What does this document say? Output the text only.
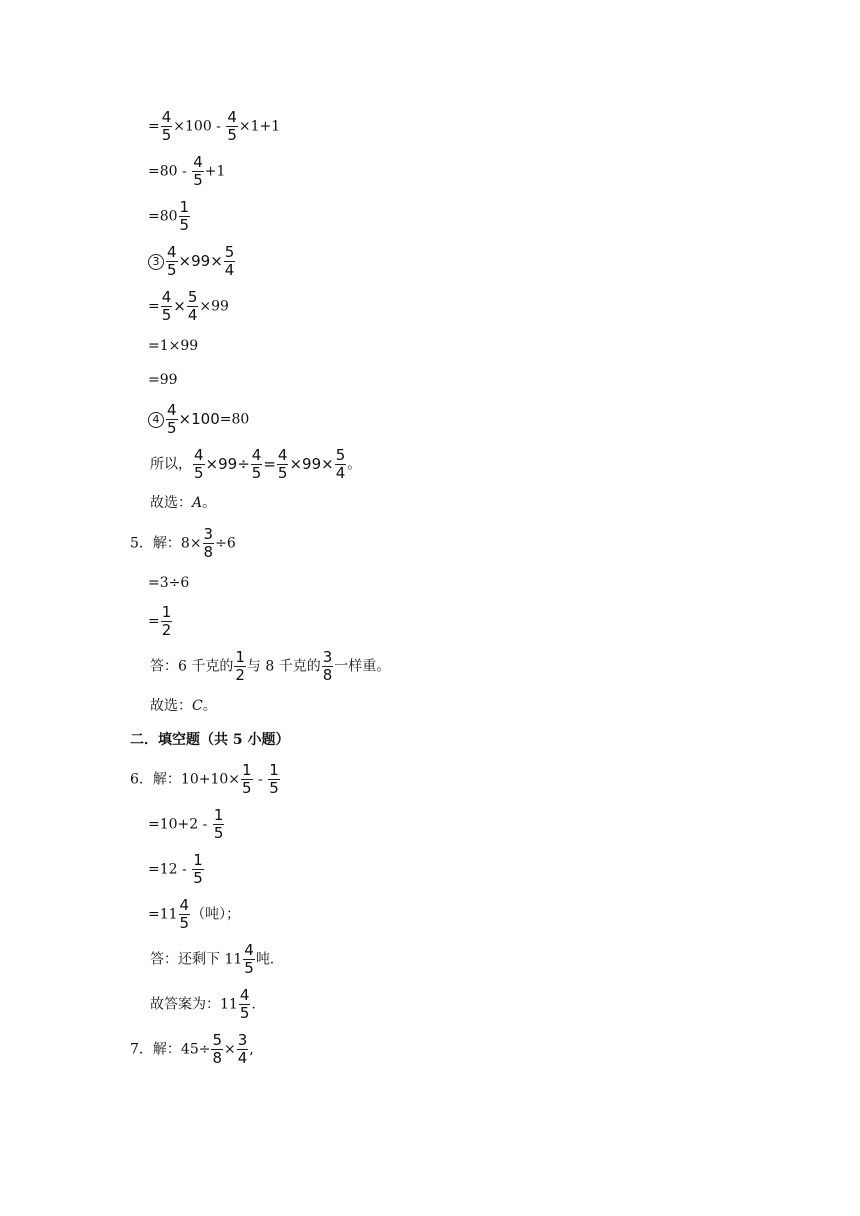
= $\frac{4}{5} \times 100 - \frac{4}{5} \times 1+1$
$=80 - \frac{4}{5} +1$
$=80 \frac{1}{5}$
$3 \frac{4}{5} \times 99\times \frac{5}{4}$
= $\frac{4}{5} \times \frac{5}{4} \times 99$
=1×99
=99
$4 \frac{4}{5} \times 100=80$
所以， $\frac{4}{5} \times 99\div \frac{4}{5} = \frac{4}{5} \times 99\times \frac{5}{4}$ 。
故选：A。
5．解：$8\times \frac{3}{8} \div 6$
=3÷6
= $\frac{1}{2}$
答：6 千克的 $\frac{1}{2}$ 与 8 千克的 $\frac{3}{8}$ 一样重。
故选：C。
二．填空题（共 5 小题）
6．解：$10+10\times \frac{1}{5} - \frac{1}{5}$
$=10+2 - \frac{1}{5}$
$=12 - \frac{1}{5}$
$=11 \frac{4}{5}$ （吨）；
答：还剩下 $11 \frac{4}{5}$ 吨.
故答案为：$11 \frac{4}{5}$ .
7．解：$45\div \frac{5}{8} \times \frac{3}{4}$ ,
